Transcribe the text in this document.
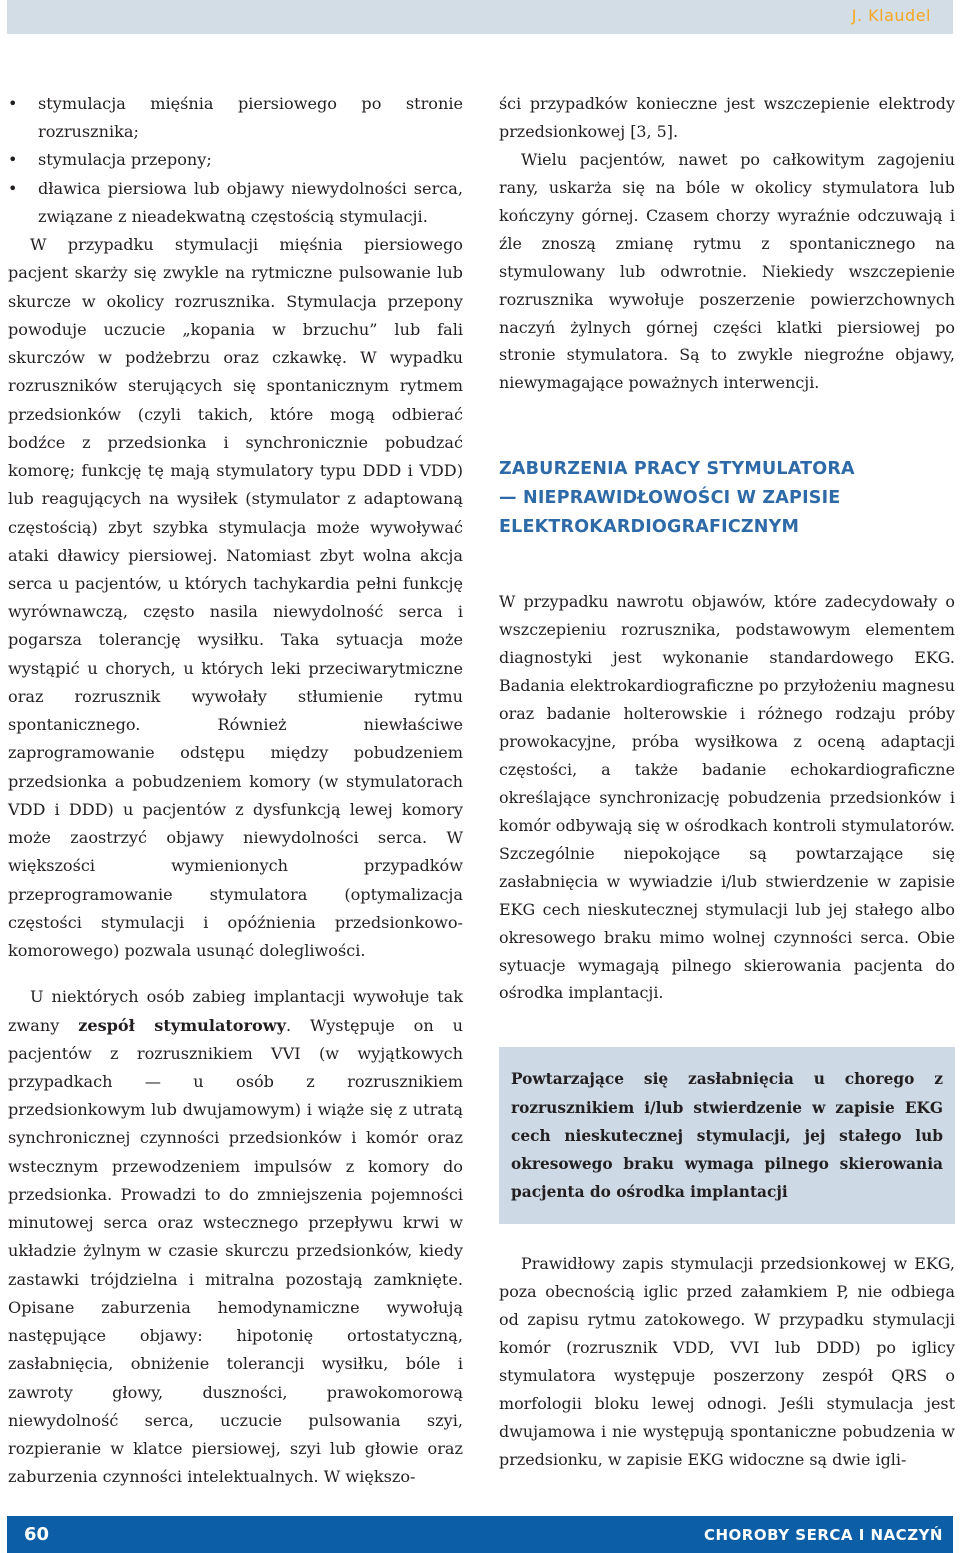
J. Klaudel
• stymulacja mięśnia piersiowego po stronie rozrusznika;
• stymulacja przepony;
• dławica piersiowa lub objawy niewydolności serca, związane z nieadekwatną częstością stymulacji.

W przypadku stymulacji mięśnia piersiowego pacjent skarży się zwykle na rytmiczne pulsowanie lub skurcze w okolicy rozrusznika. Stymulacja przepony powoduje uczucie „kopania w brzuchu” lub fali skurczów w podżebrzu oraz czkawkę. W wypadku rozruszników sterujących się spontanicznym rytmem przedsionków (czyli takich, które mogą odbierać bodźce z przedsionka i synchronicznie pobudzać komorę; funkcję tę mają stymulatory typu DDD i VDD) lub reagujących na wysiłek (stymulator z adaptowaną częstością) zbyt szybka stymulacja może wywoływać ataki dławicy piersiowej. Natomiast zbyt wolna akcja serca u pacjentów, u których tachykardia pełni funkcję wyrównawczą, często nasila niewydolność serca i pogarsza tolerancję wysiłku. Taka sytuacja może wystąpić u chorych, u których leki przeciwarytmiczne oraz rozrusznik wywołały stłumienie rytmu spontanicznego. Również niewłaściwe zaprogramowanie odstępu między pobudzeniem przedsionka a pobudzeniem komory (w stymulatorach VDD i DDD) u pacjentów z dysfunkcją lewej komory może zaostrzyć objawy niewydolności serca. W większości wymienionych przypadków przeprogramowanie stymulatora (optymalizacja częstości stymulacji i opóźnienia przedsionkowo-komorowego) pozwala usunąć dolegliwości.

U niektórych osób zabieg implantacji wywołuje tak zwany zespół stymulatorowy. Występuje on u pacjentów z rozrusznikiem VVI (w wyjątkowych przypadkach — u osób z rozrusznikiem przedsionkowym lub dwujamowym) i wiąże się z utratą synchronicznej czynności przedsionków i komór oraz wstecznym przewodzeniem impulsów z komory do przedsionka. Prowadzi to do zmniejszenia pojemności minutowej serca oraz wstecznego przepływu krwi w układzie żylnym w czasie skurczu przedsionków, kiedy zastawki trójdzielna i mitralna pozostają zamknięte. Opisane zaburzenia hemodynamiczne wywołują następujące objawy: hipotonię ortostatyczną, zasłabnięcia, obniżenie tolerancji wysiłku, bóle i zawroty głowy, duszności, prawokomorową niewydolność serca, uczucie pulsowania szyi, rozpieranie w klatce piersiowej, szyi lub głowie oraz zaburzenia czynności intelektualnych. W większo-

ści przypadków konieczne jest wszczepienie elektrody przedsionkowej [3, 5].

Wielu pacjentów, nawet po całkowitym zagojeniu rany, uskarża się na bóle w okolicy stymulatora lub kończyny górnej. Czasem chorzy wyraźnie odczuwają i źle znoszą zmianę rytmu z spontanicznego na stymulowany lub odwrotnie. Niekiedy wszczepienie rozrusznika wywołuje poszerzenie powierzchownych naczyń żylnych górnej części klatki piersiowej po stronie stymulatora. Są to zwykle niegroźne objawy, niewymagające poważnych interwencji.

ZABURZENIA PRACY STYMULATORA
— NIEPRAWIDŁOWOŚCI W ZAPISIE
ELEKTROKARDIOGRAFICZNYM

W przypadku nawrotu objawów, które zadecydowały o wszczepieniu rozrusznika, podstawowym elementem diagnostyki jest wykonanie standardowego EKG. Badania elektrokardiograficzne po przyłożeniu magnesu oraz badanie holterowskie i różnego rodzaju próby prowokacyjne, próba wysiłkowa z oceną adaptacji częstości, a także badanie echokardiograficzne określające synchronizację pobudzenia przedsionków i komór odbywają się w ośrodkach kontroli stymulatorów. Szczególnie niepokojące są powtarzające się zasłabnięcia w wywiadzie i/lub stwierdzenie w zapisie EKG cech nieskutecznej stymulacji lub jej stałego albo okresowego braku mimo wolnej czynności serca. Obie sytuacje wymagają pilnego skierowania pacjenta do ośrodka implantacji.

Powtarzające się zasłabnięcia u chorego z rozrusznikiem i/lub stwierdzenie w zapisie EKG cech nieskutecznej stymulacji, jej stałego lub okresowego braku wymaga pilnego skierowania pacjenta do ośrodka implantacji

Prawidłowy zapis stymulacji przedsionkowej w EKG, poza obecnością iglic przed załamkiem P, nie odbiega od zapisu rytmu zatokowego. W przypadku stymulacji komór (rozrusznik VDD, VVI lub DDD) po iglicy stymulatora występuje poszerzony zespół QRS o morfologii bloku lewej odnogi. Jeśli stymulacja jest dwujamowa i nie występują spontaniczne pobudzenia w przedsionku, w zapisie EKG widoczne są dwie igli-

60	CHOROBY SERCA I NACZYŃ
